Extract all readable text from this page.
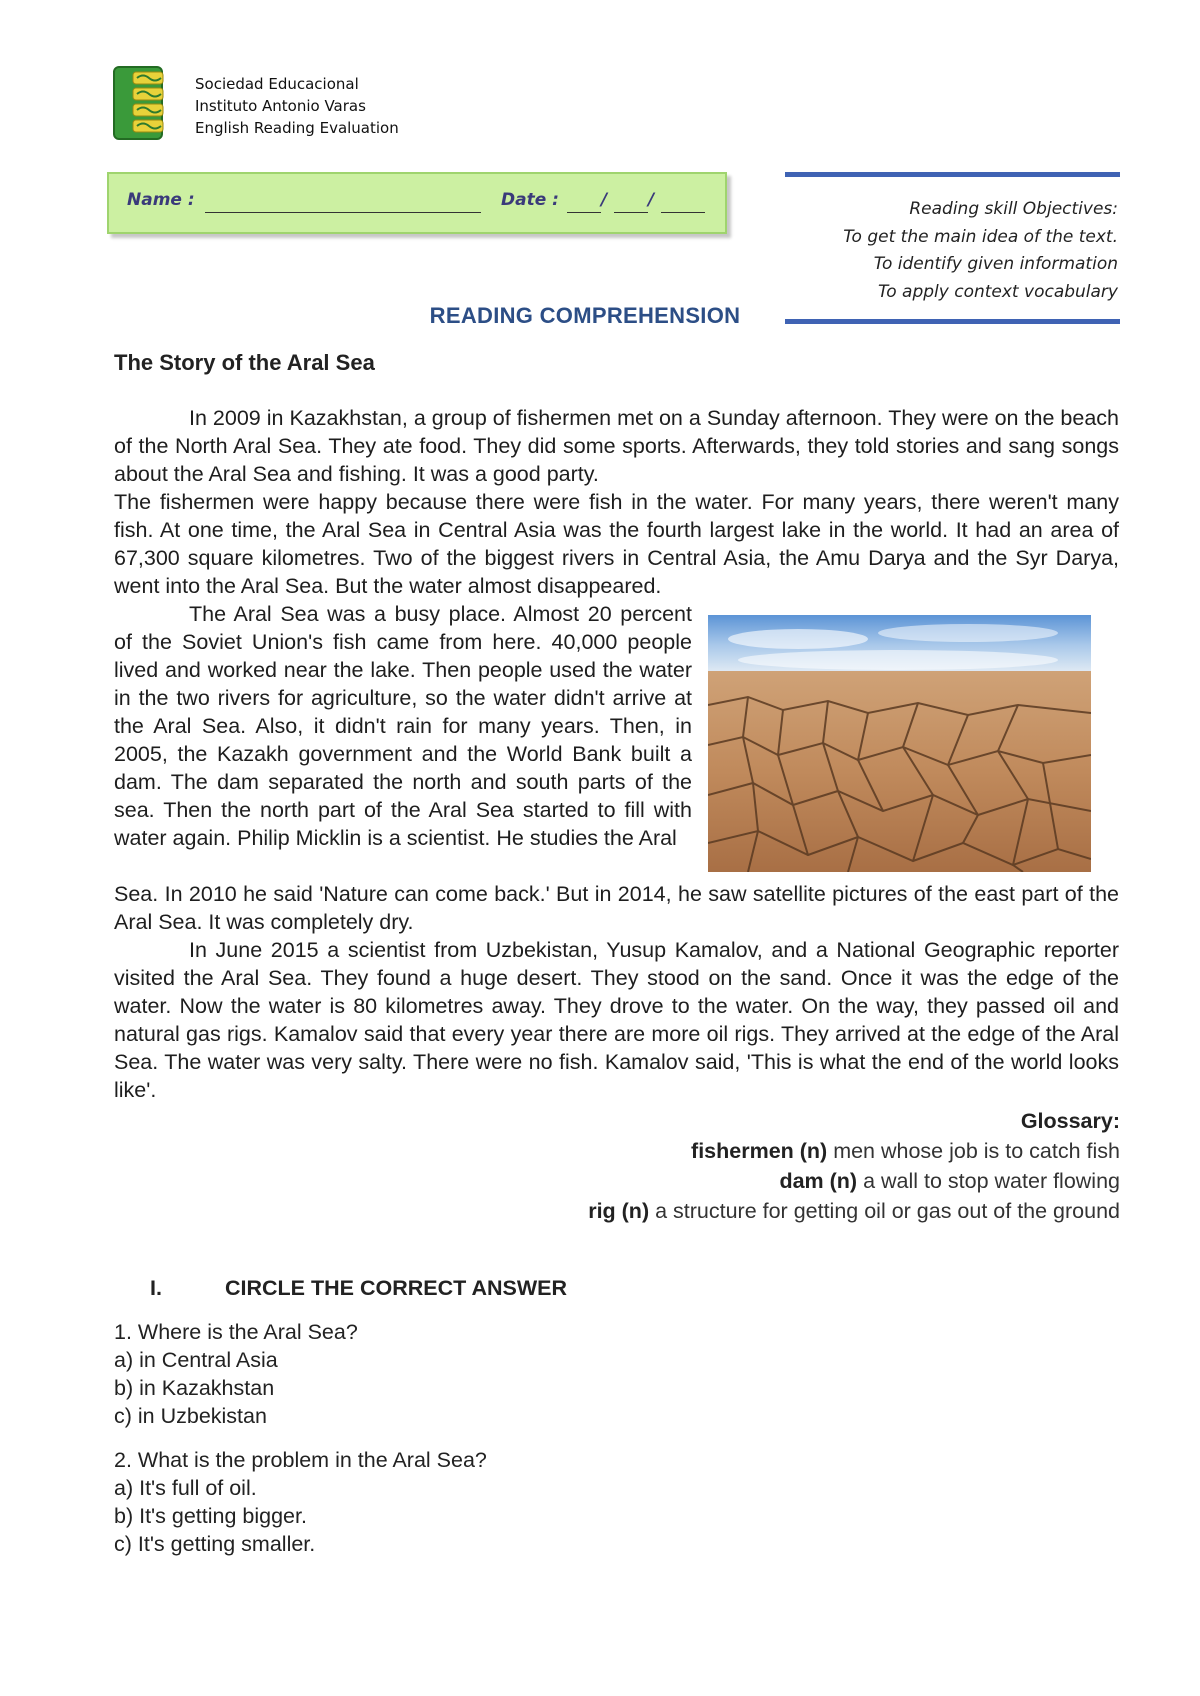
Sociedad Educacional
Instituto Antonio Varas
English Reading Evaluation
Name :	Date : / /	Reading skill Objectives:
To get the main idea of the text.
To identify given information
To apply context vocabulary
READING COMPREHENSION
The Story of the Aral Sea

In 2009 in Kazakhstan, a group of fishermen met on a Sunday afternoon. They were on the beach of the North Aral Sea. They ate food. They did some sports. Afterwards, they told stories and sang songs about the Aral Sea and fishing. It was a good party.

The fishermen were happy because there were fish in the water. For many years, there weren't many fish. At one time, the Aral Sea in Central Asia was the fourth largest lake in the world. It had an area of 67,300 square kilometres. Two of the biggest rivers in Central Asia, the Amu Darya and the Syr Darya, went into the Aral Sea. But the water almost disappeared.

The Aral Sea was a busy place. Almost 20 percent of the Soviet Union's fish came from here. 40,000 people lived and worked near the lake. Then people used the water in the two rivers for agriculture, so the water didn't arrive at the Aral Sea. Also, it didn't rain for many years. Then, in 2005, the Kazakh government and the World Bank built a dam. The dam separated the north and south parts of the sea. Then the north part of the Aral Sea started to fill with water again. Philip Micklin is a scientist. He studies the Aral

Sea. In 2010 he said 'Nature can come back.' But in 2014, he saw satellite pictures of the east part of the Aral Sea. It was completely dry.

In June 2015 a scientist from Uzbekistan, Yusup Kamalov, and a National Geographic reporter visited the Aral Sea. They found a huge desert. They stood on the sand. Once it was the edge of the water. Now the water is 80 kilometres away. They drove to the water. On the way, they passed oil and natural gas rigs. Kamalov said that every year there are more oil rigs. They arrived at the edge of the Aral Sea. The water was very salty. There were no fish. Kamalov said, 'This is what the end of the world looks like'.

Glossary:
fishermen (n) men whose job is to catch fish
dam (n) a wall to stop water flowing
rig (n) a structure for getting oil or gas out of the ground
I.	CIRCLE THE CORRECT ANSWER
1. Where is the Aral Sea?
a) in Central Asia
b) in Kazakhstan
c) in Uzbekistan
2. What is the problem in the Aral Sea?
a) It's full of oil.
b) It's getting bigger.
c) It's getting smaller.
